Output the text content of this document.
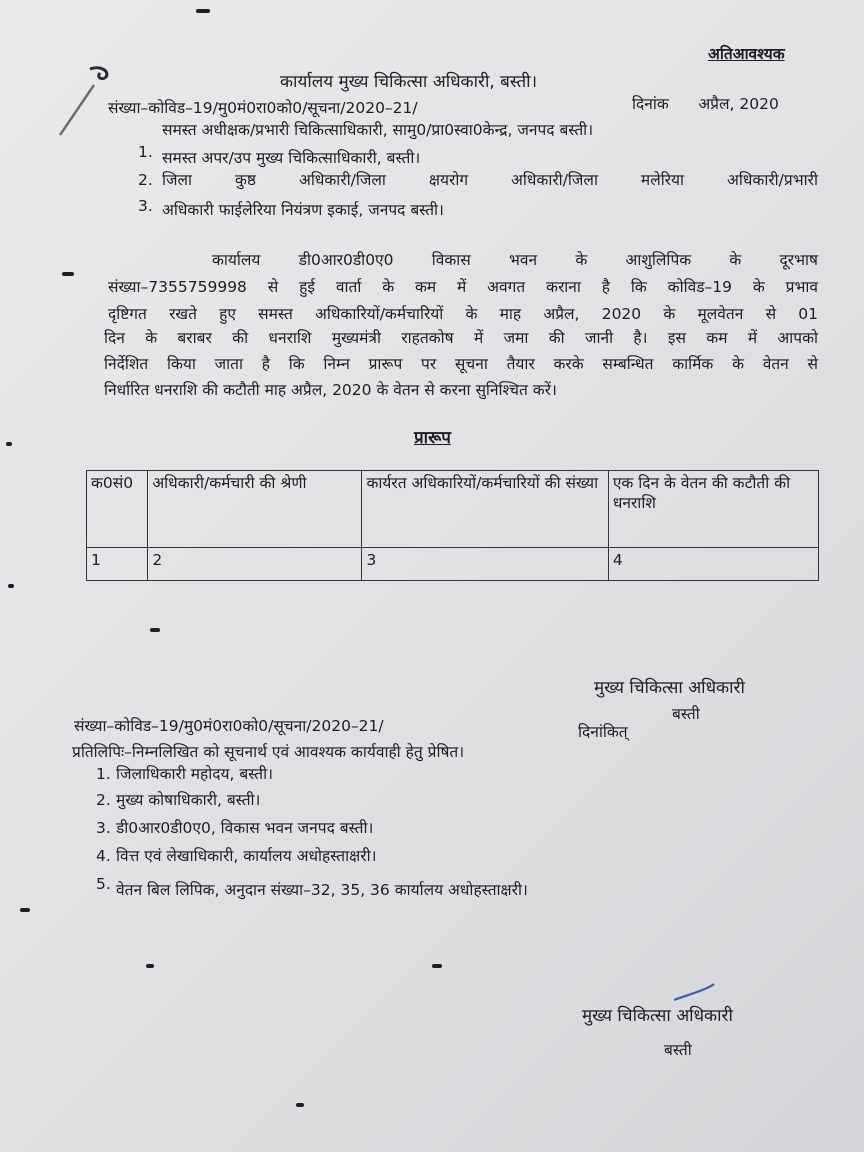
अतिआवश्यक
कार्यालय मुख्य चिकित्सा अधिकारी, बस्ती।
संख्या–कोविड–19/मु0मं0रा0को0/सूचना/2020–21/	दिनांक      अप्रैल, 2020
1.
समस्त अधीक्षक/प्रभारी चिकित्साधिकारी, सामु0/प्रा0स्वा0केन्द्र, जनपद बस्ती।
2.
समस्त अपर/उप मुख्य चिकित्साधिकारी, बस्ती।
3.
जिला कुष्ठ अधिकारी/जिला क्षयरोग अधिकारी/जिला मलेरिया अधिकारी/प्रभारी
अधिकारी फाईलेरिया नियंत्रण इकाई, जनपद बस्ती।
कार्यालय डी0आर0डी0ए0 विकास भवन के आशुलिपिक के दूरभाष
संख्या–7355759998 से हुई वार्ता के कम में अवगत कराना है कि कोविड–19 के प्रभाव
दृष्टिगत रखते हुए समस्त अधिकारियों/कर्मचारियों के माह अप्रैल, 2020 के मूलवेतन से 01
दिन के बराबर की धनराशि मुख्यमंत्री राहतकोष में जमा की जानी है। इस कम में आपको
निर्देशित किया जाता है कि निम्न प्रारूप पर सूचना तैयार करके सम्बन्धित कार्मिक के वेतन से
निर्धारित धनराशि की कटौती माह अप्रैल, 2020 के वेतन से करना सुनिश्चित करें।
प्रारूप
क0सं0	अधिकारी/कर्मचारी की श्रेणी	कार्यरत अधिकारियों/कर्मचारियों की संख्या	एक दिन के वेतन की कटौती की धनराशि
1	2	3	4
मुख्य चिकित्सा अधिकारी
बस्ती
संख्या–कोविड–19/मु0मं0रा0को0/सूचना/2020–21/	दिनांकित्
प्रतिलिपिः–निम्नलिखित को सूचनार्थ एवं आवश्यक कार्यवाही हेतु प्रेषित।
1. जिलाधिकारी महोदय, बस्ती।
2. मुख्य कोषाधिकारी, बस्ती।
3. डी0आर0डी0ए0, विकास भवन जनपद बस्ती।
4. वित्त एवं लेखाधिकारी, कार्यालय अधोहस्ताक्षरी।
5. वेतन बिल लिपिक, अनुदान संख्या–32, 35, 36 कार्यालय अधोहस्ताक्षरी।
मुख्य चिकित्सा अधिकारी
बस्ती
